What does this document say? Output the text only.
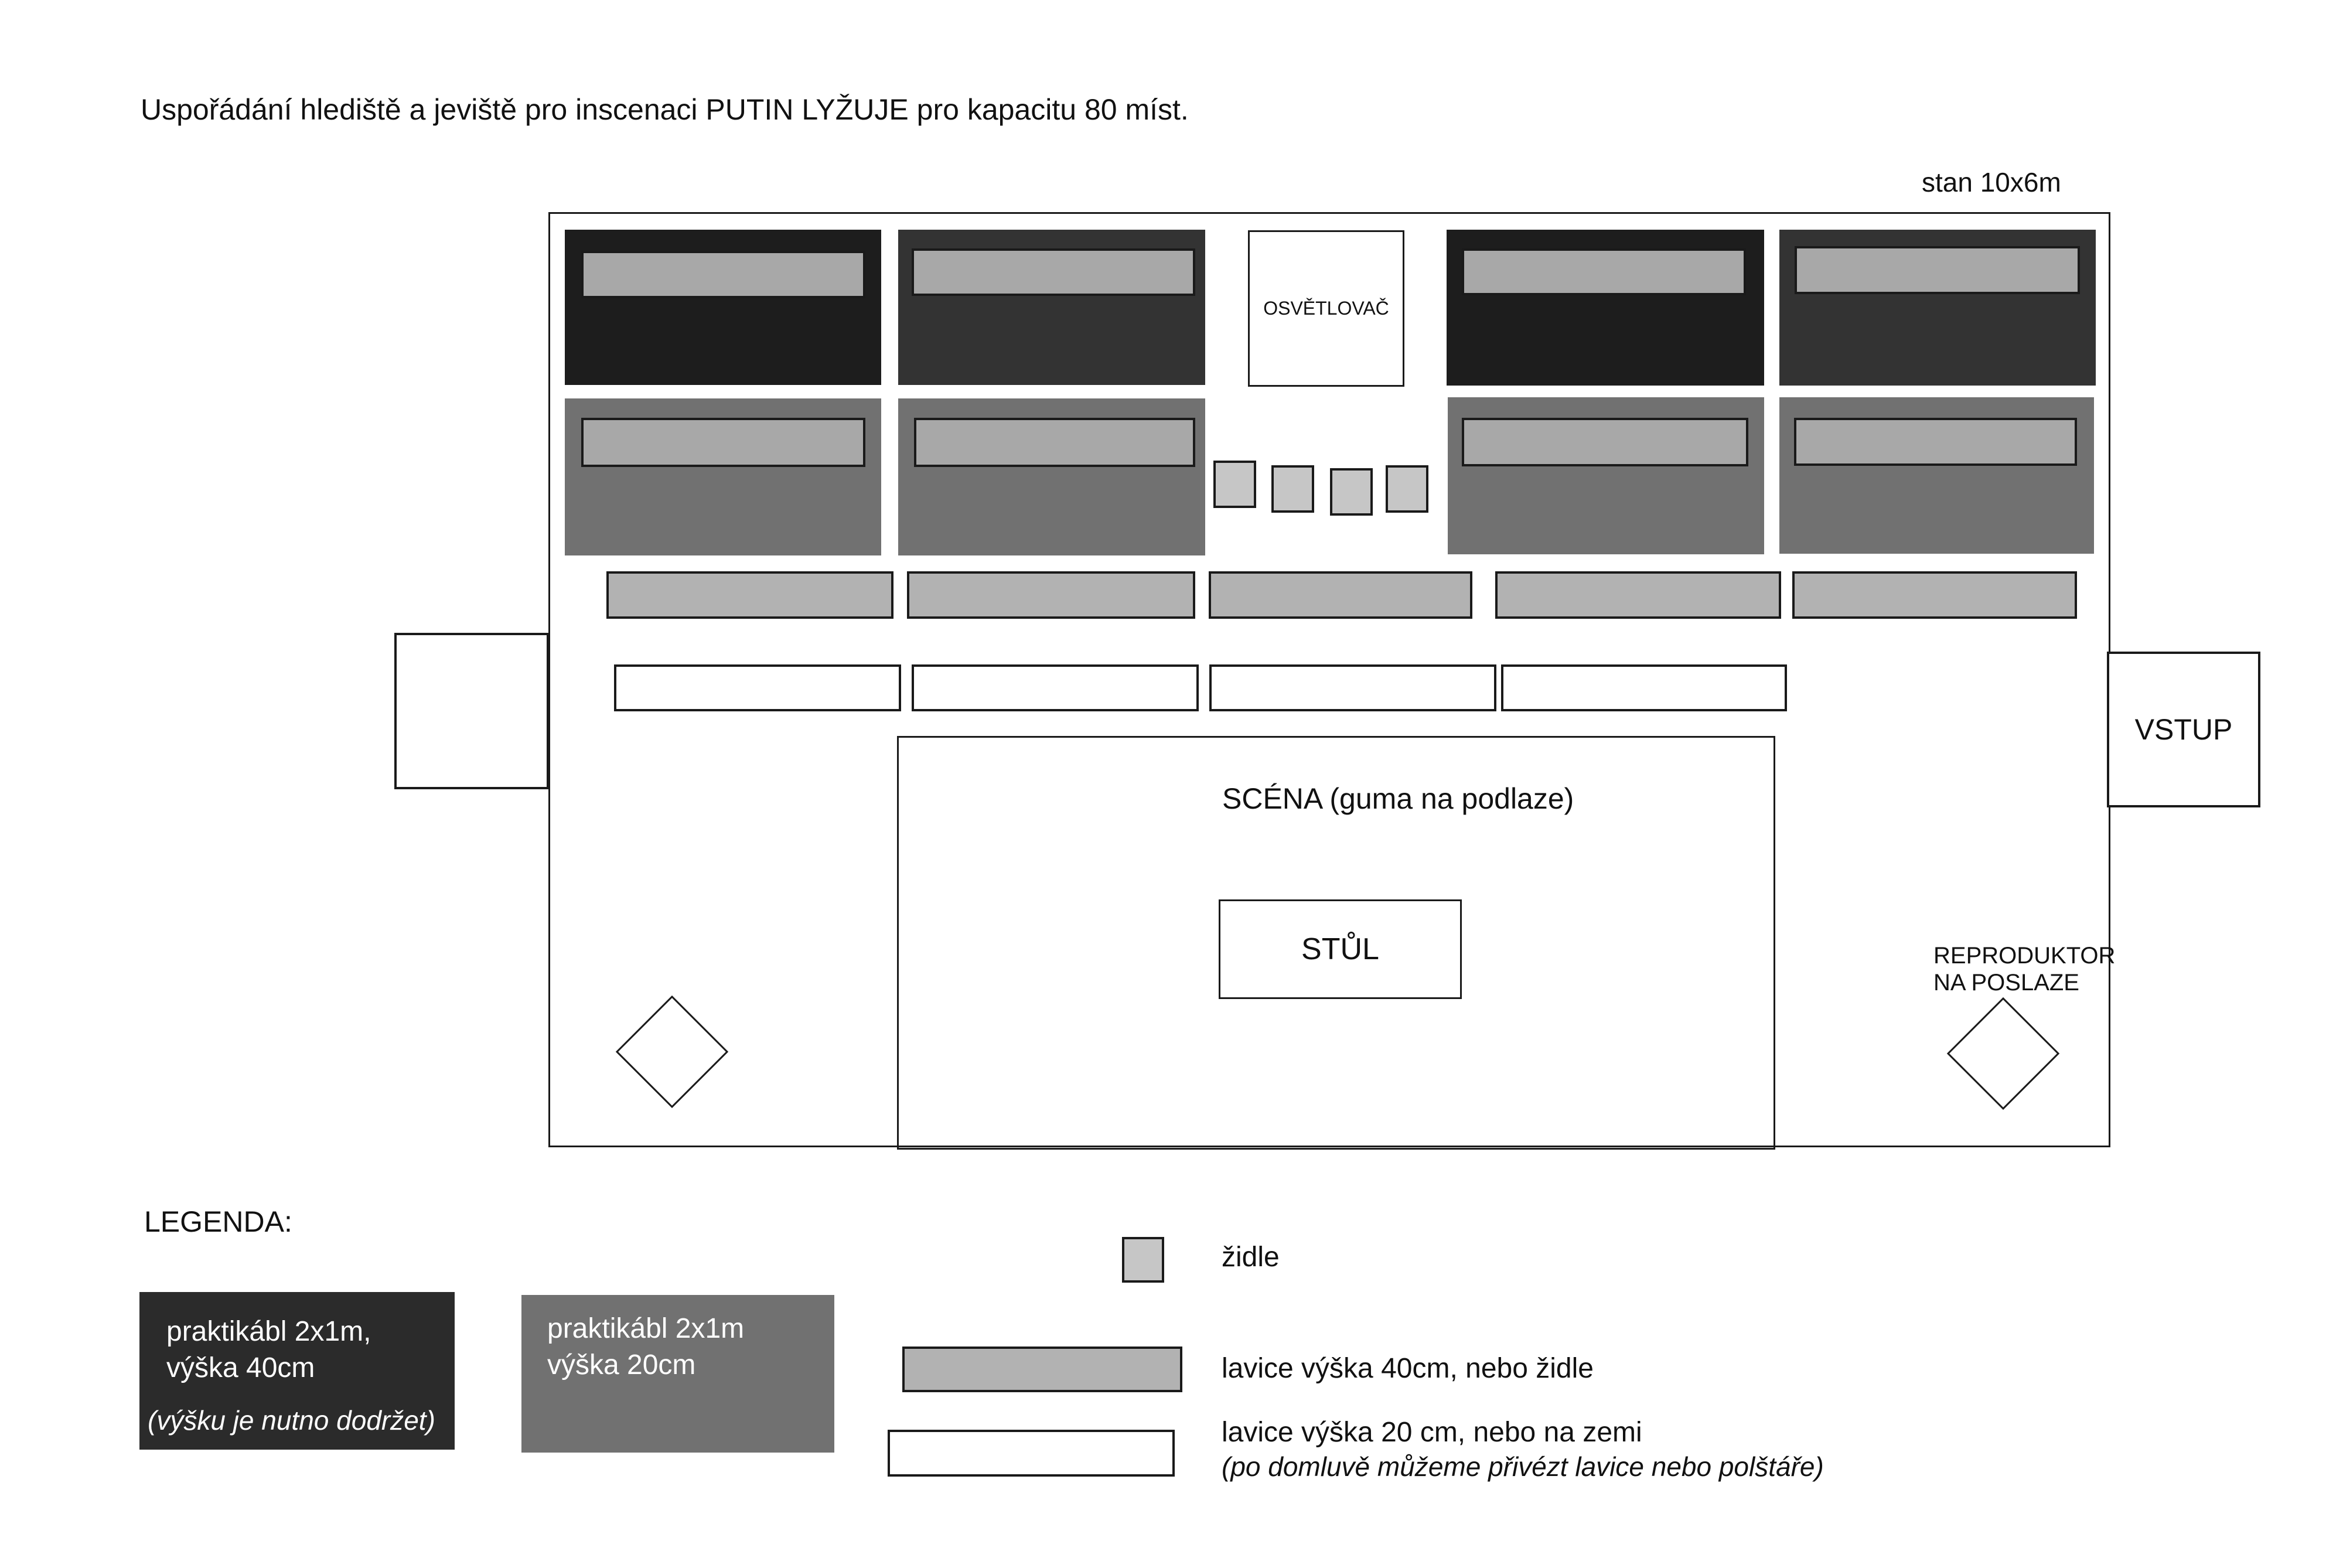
Uspořádání hlediště a jeviště pro inscenaci PUTIN LYŽUJE pro kapacitu 80 míst.
stan 10x6m
OSVĚTLOVAČ
VSTUP
SCÉNA (guma na podlaze)
STŮL	REPRODUKTOR
NA POSLAZE
LEGENDA:
praktikábl 2x1m,
výška 40cm
(výšku je nutno dodržet)
praktikábl 2x1m
výška 20cm
židle
lavice výška 40cm, nebo židle
lavice výška 20 cm, nebo na zemi
(po domluvě můžeme přivézt lavice nebo polštáře)
